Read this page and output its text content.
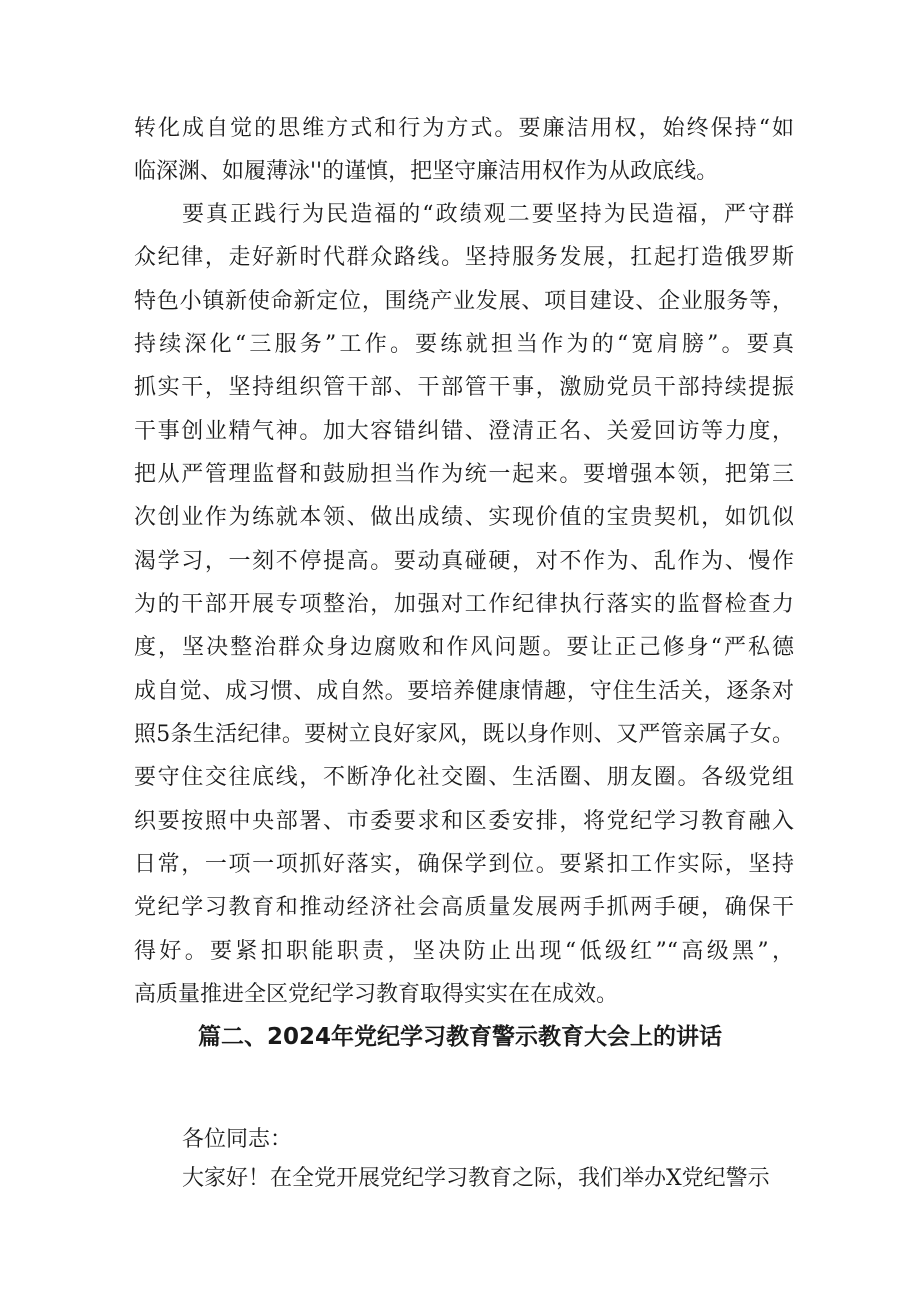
转化成自觉的思维方式和行为方式。要廉洁用权，始终保持“如
临深渊、如履薄泳''的谨慎，把坚守廉洁用权作为从政底线。
要真正践行为民造福的“政绩观二要坚持为民造福，严守群
众纪律，走好新时代群众路线。坚持服务发展，扛起打造俄罗斯
特色小镇新使命新定位，围绕产业发展、项目建设、企业服务等，
持续深化“三服务”工作。要练就担当作为的“宽肩膀”。要真
抓实干，坚持组织管干部、干部管干事，激励党员干部持续提振
干事创业精气神。加大容错纠错、澄清正名、关爱回访等力度，
把从严管理监督和鼓励担当作为统一起来。要增强本领，把第三
次创业作为练就本领、做出成绩、实现价值的宝贵契机，如饥似
渴学习，一刻不停提高。要动真碰硬，对不作为、乱作为、慢作
为的干部开展专项整治，加强对工作纪律执行落实的监督检查力
度，坚决整治群众身边腐败和作风问题。要让正己修身“严私德
成自觉、成习惯、成自然。要培养健康情趣，守住生活关，逐条对
照5条生活纪律。要树立良好家风，既以身作则、又严管亲属子女。
要守住交往底线，不断净化社交圈、生活圈、朋友圈。各级党组
织要按照中央部署、市委要求和区委安排，将党纪学习教育融入
日常，一项一项抓好落实，确保学到位。要紧扣工作实际，坚持
党纪学习教育和推动经济社会高质量发展两手抓两手硬，确保干
得好。要紧扣职能职责，坚决防止出现“低级红”“高级黑”，
高质量推进全区党纪学习教育取得实实在在成效。
篇二、2024年党纪学习教育警示教育大会上的讲话
各位同志：
大家好！在全党开展党纪学习教育之际，我们举办X党纪警示
